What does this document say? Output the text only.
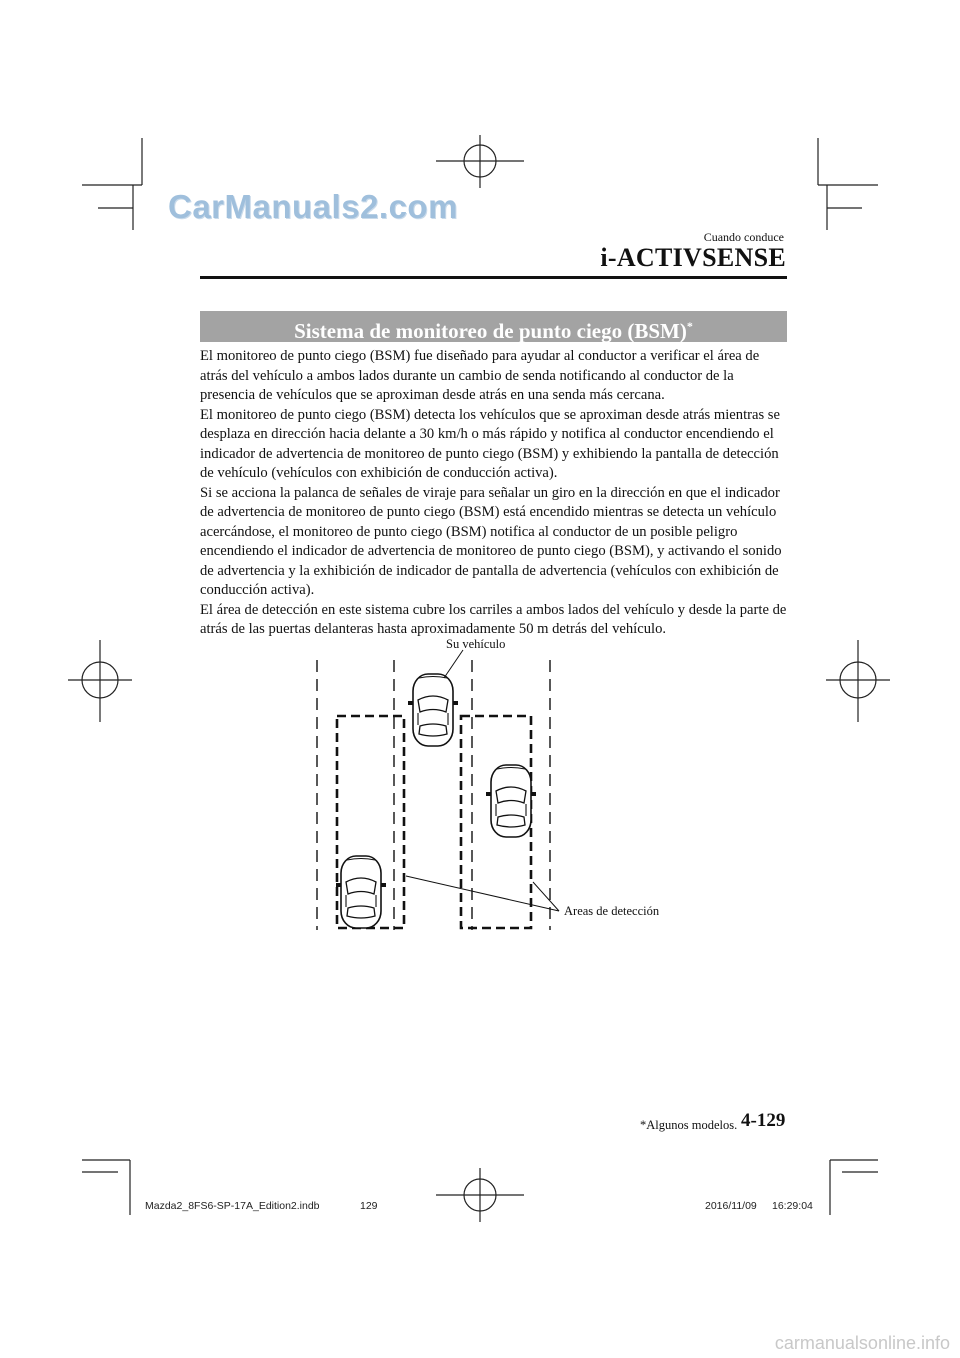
CarManuals2.com
Cuando conduce
i-ACTIVSENSE
Sistema de monitoreo de punto ciego (BSM)*

El monitoreo de punto ciego (BSM) fue diseñado para ayudar al conductor a verificar el área de atrás del vehículo a ambos lados durante un cambio de senda notificando al conductor de la presencia de vehículos que se aproximan desde atrás en una senda más cercana.

El monitoreo de punto ciego (BSM) detecta los vehículos que se aproximan desde atrás mientras se desplaza en dirección hacia delante a 30 km/h o más rápido y notifica al conductor encendiendo el indicador de advertencia de monitoreo de punto ciego (BSM) y exhibiendo la pantalla de detección de vehículo (vehículos con exhibición de conducción activa).

Si se acciona la palanca de señales de viraje para señalar un giro en la dirección en que el indicador de advertencia de monitoreo de punto ciego (BSM) está encendido mientras se detecta un vehículo acercándose, el monitoreo de punto ciego (BSM) notifica al conductor de un posible peligro encendiendo el indicador de advertencia de monitoreo de punto ciego (BSM), y activando el sonido de advertencia y la exhibición de indicador de pantalla de advertencia (vehículos con exhibición de conducción activa).

El área de detección en este sistema cubre los carriles a ambos lados del vehículo y desde la parte de atrás de las puertas delanteras hasta aproximadamente 50 m detrás del vehículo.

Su vehículo
Areas de detección
*Algunos modelos. 4-129
Mazda2_8FS6-SP-17A_Edition2.indb	129	2016/11/09 16:29:04
carmanualsonline.info
